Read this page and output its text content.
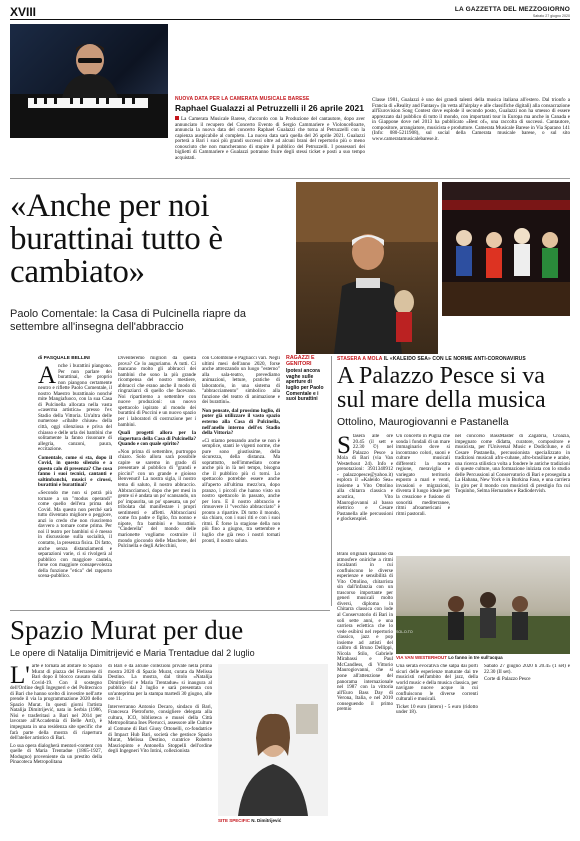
XVIII	LA GAZZETTA DEL MEZZOGIORNO
Sabato 27 giugno 2020
NUOVA DATA PER LA CAMERATA MUSICALE BARESE
Raphael Gualazzi al Petruzzelli il 26 aprile 2021
La Camerata Musicale Barese, d'accordo con la Produzione del cantautore, dopo aver annunciato il recupero del Concerto Evento di Sergio Cammariere e Violoncelloarte, annuncia la nuova data del concerto Raphael Gualazzi che torna al Petruzzelli con la capienza auspicabile al completo. La nuova data sarà quella del 26 aprile 2021. Gualazzi porterà a Bari i suoi più grandi successi oltre ad alcuni brani del repertorio più o meno conosciuto che non mancheranno di stupire il pubblico del Petruzzelli. I possessori dei biglietti di Cammariere e Gualazzi potranno fruire degli stessi ticket e posti a suo tempo acquistati.
Classe 1981, Gualazzi è uno dei grandi talenti della musica italiana all'estero. Dal trionfo a Francia di «Reality and Fantasy» (in vetta all'airplay e alle classifiche digitali) alla consacrazione all'Eurovision Song Contest dove esplode il secondo posto, Gualazzi non ha smesso di essere apprezzato dal pubblico di tutto il mondo, con importanti tour in Europa ma anche in Canada e in Giappone dove nel 2013 ha pubblicato «Best of», una raccolta di successi. Cantautore, compositore, arrangiatore, musicista e produttore. Camerata Musicale Barese in Via Sparano 141 (Info: 080-5211908), sul social della Camerata musicale barese, o sul sito www.cameratamusicalebarese.it.
«Anche per noi burattinai tutto è cambiato»
Paolo Comentale: la Casa di Pulcinella riapre da settembre all'insegna dell'abbraccio
di PASQUALE BELLINI
Anche i burattini piangono. Per non parlare dei burattinai, che proprio non piangono certamente neutro e riflette Paolo Comentale, il nostro Maestro burattinaio nonché mite Mangiafuoco, con la sua Casa di Pulcinella allocata nella vasta «caserma artistica» presso l'ex Stadio della Vittoria. Un'altra delle numerose «ribalte chiuse» della città, oggi silenziosa e priva del chiasso e delle urla dei bambini che solitamente la fanno risuonare di allegria, canzoni, paura, eccitazione.

Comentale, come si sta, dopo il Covid, in questo silenzio e a questo calo di presenza? Che cosa fanno i suoi tecnici, cantanti e saltimbanchi, musici e cirossi, burattini e burattinai?

«Secondo me non si potrà più tornare a un "modus operandi" come quello dell'era prima del Covid. Ma questo non perché sarà tutto diventato migliore o peggiore, anzi io credo che non riusciremo davvero a tornare come prima. Per noi il teatro per bambini si è messo in discussione sulla socialità, il contatto, la presenza fisica. Di fatto, anche senza distanziamenti e separazioni varie, ci si rivolgerà al pubblico con maggiore cautela, forse con maggiore consapevolezza della funzione "etica" del rapporto scena-pubblico.

Diventeremo migliori da questa prova? Ce lo auguriamo. A tutti. Ci mancano molto gli abbracci dei bambini che sono la più grande ricompensa del nostro mestiere, abbracci che erano anche il modo di ringraziarci di quello che facevano. Noi ripartiremo a settembre con nuove produzioni: un nuovo spettacolo ispirato al mondo dei burattini di Puccini e un nuovo spazio per i laboratori di costruzione per i bambini.

Quali progetti allora per la riapertura della Casa di Pulcinella? Quando e con quale spirito?

«Non prima di settembre, purtroppo chiaro. Solo allora sarà possibile capire se saremo in grado di presentare al pubblico di "grandi e piccini" con un grande e gioioso Benvenuti! La nostra sigla, il nostro tema di saluto, il nostro abbraccio. Abbracciamoci, dopo che per mesi in gente si è andata un po' scansando, un po' impaurita, un po' spaesata, un po' tribolata dal manifestare i propri sentimenti e affetti. Abbracciarsi come fra padre e figlio, fra nonno e nipote, fra bambini e burattini. "Cinderella" del mondo delle marionette vogliamo costruire il mondo giocondo delle Maschere, del Pulcinella e degli Arlecchini,

con Colombine e Pagliacci vari. Negli ultimi mesi dell'anno 2020, forse anche attrezzando un luogo "esterno" alla sala-teatro, prevediamo animazioni, letture, pratiche di laboratorio, in una sistema di "abbracciamento" simbolico alla funzione del teatro di animazione e dei burattini».

Non pensate, dal prossimo luglio, di poter già utilizzare il vasto spazio esterno alla Casa di Pulcinella, nell'anello interno dell'ex Stadio della Vittoria?

«Ci stiamo pensando anche se non è semplice, stanti le vigenti norme, che pure sono giustissime, della sicurezza, della distanza. Ma soprattutto, nell'immediato come anche più in là nel tempo, bisogna che il pubblico più ci torni. Lo spettacolo potrebbe essere anche all'aperto all'ultima mezz'ora, dopo pranzo, i piccoli che hanno visto un nostro spettacolo in passato, anche per loro. E il nostro abbraccio e rimuovere il "vecchio abbracciato" è pronto a ripartire. Di tutto il mondo, sia chiaro, con i suoi riti e con i suoi ritmi. È forse la stagione della non più fino a giugno, tra settembre e luglio che già reso i nostri tornati pronti, il nostro saluto.

RAGAZZI E GENITORI
Ipotesi ancora vaghe sulle aperture di luglio per Paolo Comentale e i suoi burattini
STASERA A MOLA IL «KALEIDO SEA» CON LE NORME ANTI-CORONAVIRUS
A Palazzo Pesce si va sul mare della musica
Ottolino, Maurogiovanni e Pastanella
Stasera alle ore 20.45 (il sett e 22.30 ©) nel Palazzo Pesce a Mola di Bari (via Van Westerhout 24). Info e prenotazioni: 3931340912 - palazzopesce@yahoo.it) esplora il «Kaleido Sea» insieme a Vito Ottolino alla chitarra classica e acustica, Vito Maurogiovanni al basso elettrico e Cesare Pastanella alle percussioni e glockenspiel.

Un concerto in Puglia che sonda i fondali di un mare immaginario dove si incontrano colori, suoni e culture musicali differenti: la nostra regione, meraviglia e variegato territorio esposto a mari e venti, invasioni e migrazioni, diventa il luogo ideale per la creazione e fusione di sonorità mediterranee, ritmi afroamericani e ritmi pastorali.

nel concorso BassMaster di Zagabria, Croazia, impegnato come didatta, curatore, compositore e musicista, per l'Universal Music e Dodicilune, e di Cesare Pastanella, percussionista specializzato in tradizioni musicali afro-cubane, afro-brasiliane e arabe, una ricerca stilistica volta a fondere le antiche tradizioni di queste culture, una formazione iniziata con lo studio delle Percussioni al Conservatorio di Bari e proseguita a La Habana, New York e in Burkina Faso, e una carriera in giro per il mondo con musicisti di prestigio fra cui Toquinho, Selma Hernandes e Radiodervish.

SOL.D.TO
VIA VAN WESTERHOUT Lo fanno in tre sull'acqua

Brani originali spaziano da atmosfere oniriche a ritmi incalzanti in cui confluiscono le diverse esperienze e sensibilità di Vito Ottolino, chitarrista sin dall'infanzia con un trascorso importante per generi musicali molto diversi, diploma in Chitarra classica con lode al Conservatorio di Bari in soli sette anni, e una carriera eclettica che lo vede esibirsi nel repertorio classico, jazz e pop insieme ad artisti del calibro di Bruno Dellippi, Nicola Stilo, Gabriele Mirabassi e Paul McCandless, di Vittorio Maurogiovanni, che si pone all'attenzione del panorama internazionale nel 1987 con la vittoria all'Euro Bass Day di Verona, Italia, e nel 2010 conseguendo il primo premio

Una serata evocativa che salpa dai porti sicuri delle esperienze maturate dai tre musicisti nell'ambito del jazz, della world music e della musica classica, per navigare nuove acque in cui confluiscono le diverse correnti culturali e musicali.

Ticket 10 euro (intero) - 5 euro (ridotto under 18).

Sabato 27 giugno 2020 h 20.45 (1 set) e 22.30 (II set).

Corte di Palazzo Pesce

Spazio Murat per due
Le opere di Natalija Dimitrijević e Maria Trentadue dal 2 luglio
L' arte è tornata ad abitare lo Spazio Murat di piazza del Ferrarese di Bari dopo il blocco causato dalla Covid-19. Con il sostegno dell'Ordine degli Ingegneri e del Politecnico di Bari che hanno scelto di investire nell'arte prende il via la programmazione 2020 dello Spazio Murat. In questi giorni l'artista Natalija Dimitrijević, nata in Serbia (1986, Nisi e trasferitasi a Bari nel 2014 per lavorare all'Accademia di Belle Arti), è impegnata in una residenza site specific che farà parte della mostra di riapertura dell'atelier artistico di Bari.

Lo sua opera dialogherà mentori-content con quelle di Maria Trentadue (1865-1927, Modugno) proveniente da un prestito della Pinacoteca Metropolitana

di Bari e da alcune collezioni private nella prima mostra 2020 di Spazio Murat, curata da Melissa Destino. La mostra, dal titolo «Natalija Dimitrijević e Maria Trentadue» si inaugura al pubblico dal 2 luglio e sarà presentata con un'anteprima per la stampa martedì 30 giugno, alle ore 11.

Interverranno Antonio Decaro, sindaco di Bari, Francesca Pietroforte, consigliere delegata alla cultura, ICO, biblioteca e musei della Città Metropolitana Ines Pierucci, assessore alle Culture al Comune di Bari Giusy Ottonelli, co-fondatrice di Impact Hub Bari, società che gestisce Spazio Murat, Melissa Destino, curatrice Roberto Masciopinto e Antonella Stoppelli dell'ordine degli Ingegneri Vito Intini, collezionista

SITE SPECIFIC N. Dimitrijević
